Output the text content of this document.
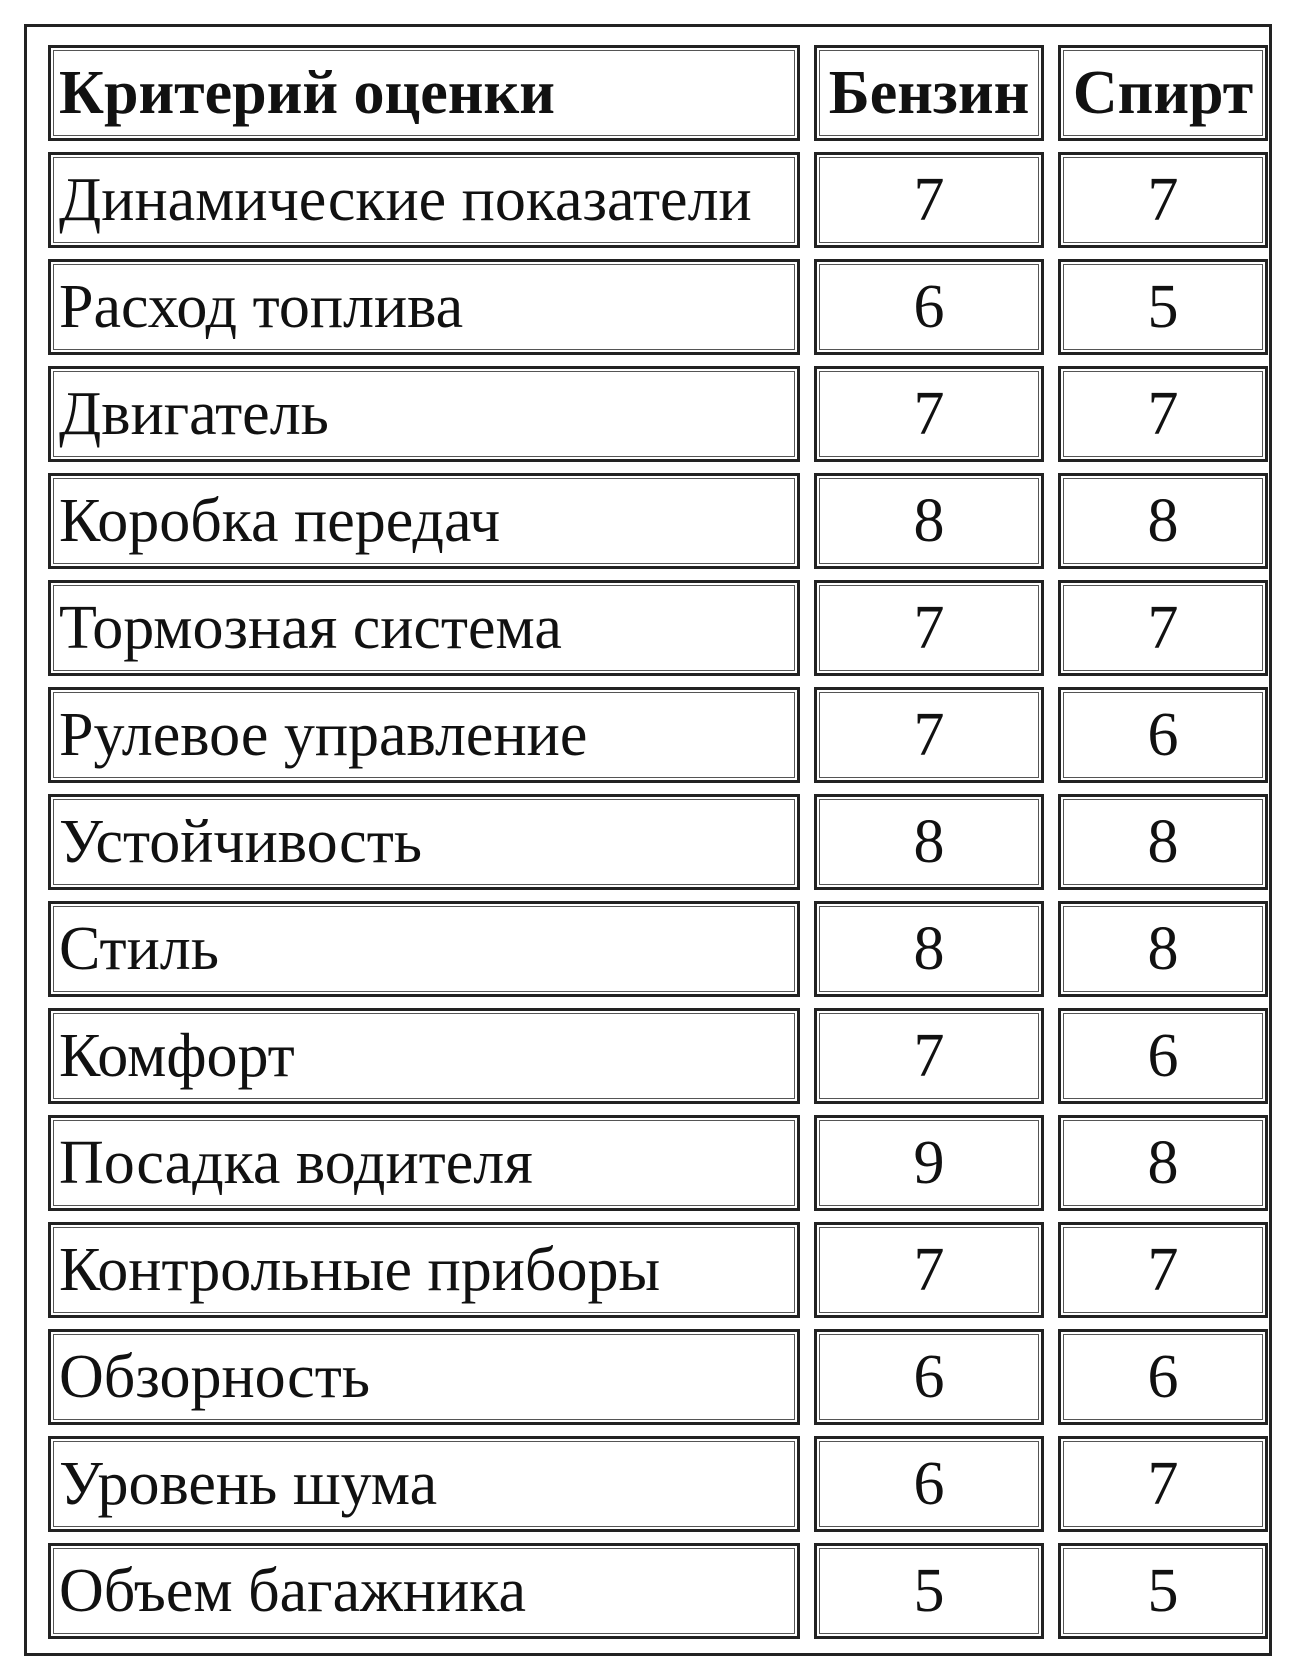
Критерий оценки	Бензин	Спирт
Динамические показатели	7	7
Расход топлива	6	5
Двигатель	7	7
Коробка передач	8	8
Тормозная система	7	7
Рулевое управление	7	6
Устойчивость	8	8
Стиль	8	8
Комфорт	7	6
Посадка водителя	9	8
Контрольные приборы	7	7
Обзорность	6	6
Уровень шума	6	7
Объем багажника	5	5
